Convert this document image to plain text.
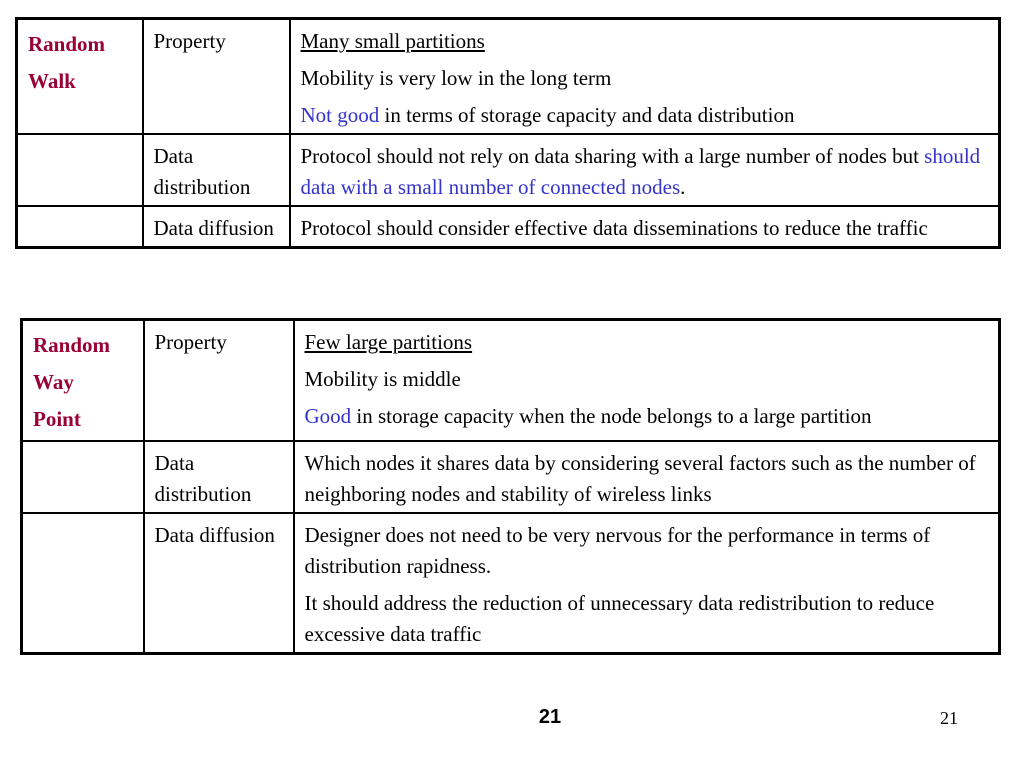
Random
Walk	Property	Many small partitions
Mobility is very low in the long term
Not good in terms of storage capacity and data distribution

	Data distribution	Protocol should not rely on data sharing with a large number of nodes but should data with a small number of connected nodes.
	Data diffusion	Protocol should consider effective data disseminations to reduce the traffic
Random
Way
Point	Property	Few large partitions
Mobility is middle
Good in storage capacity when the node belongs to a large partition

	Data distribution	Which nodes it shares data by considering several factors such as the number of neighboring nodes and stability of wireless links
	Data diffusion	Designer does not need to be very nervous for the performance in terms of distribution rapidness.
It should address the reduction of unnecessary data redistribution to reduce excessive data traffic
21	21
